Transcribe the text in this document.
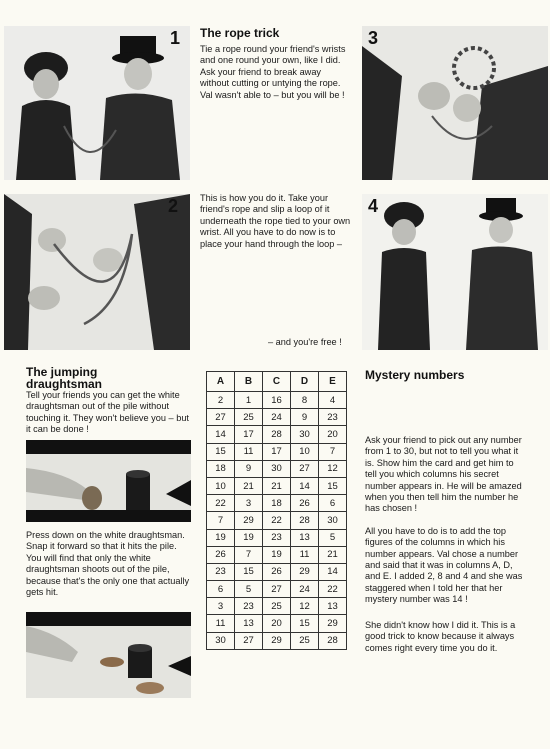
1 The rope trick
Tie a rope round your friend's wrists and one round your own, like I did. Ask your friend to break away without cutting or untying the rope. Val wasn't able to – but you will be !
3
2 This is how you do it. Take your friend's rope and slip a loop of it underneath the rope tied to your own wrist. All you have to do now is to place your hand through the loop –
4
– and you're free !
The jumping
draughtsman
Tell your friends you can get the white draughtsman out of the pile without touching it. They won't believe you – but it can be done !
Press down on the white draughtsman. Snap it forward so that it hits the pile. You will find that only the white draughtsman shoots out of the pile, because that's the only one that actually gets hit.
A	B	C	D	E
2	1	16	8	4
27	25	24	9	23
14	17	28	30	20
15	11	17	10	7
18	9	30	27	12
10	21	21	14	15
22	3	18	26	6
7	29	22	28	30
19	19	23	13	5
26	7	19	11	21
23	15	26	29	14
6	5	27	24	22
3	23	25	12	13
11	13	20	15	29
30	27	29	25	28
Mystery numbers

Ask your friend to pick out any number from 1 to 30, but not to tell you what it is. Show him the card and get him to tell you which columns his secret number appears in. He will be amazed when you then tell him the number he has chosen !

All you have to do is to add the top figures of the columns in which his number appears. Val chose a number and said that it was in columns A, D, and E. I added 2, 8 and 4 and she was staggered when I told her that her mystery number was 14 !

She didn't know how I did it. This is a good trick to know because it always comes right every time you do it.
